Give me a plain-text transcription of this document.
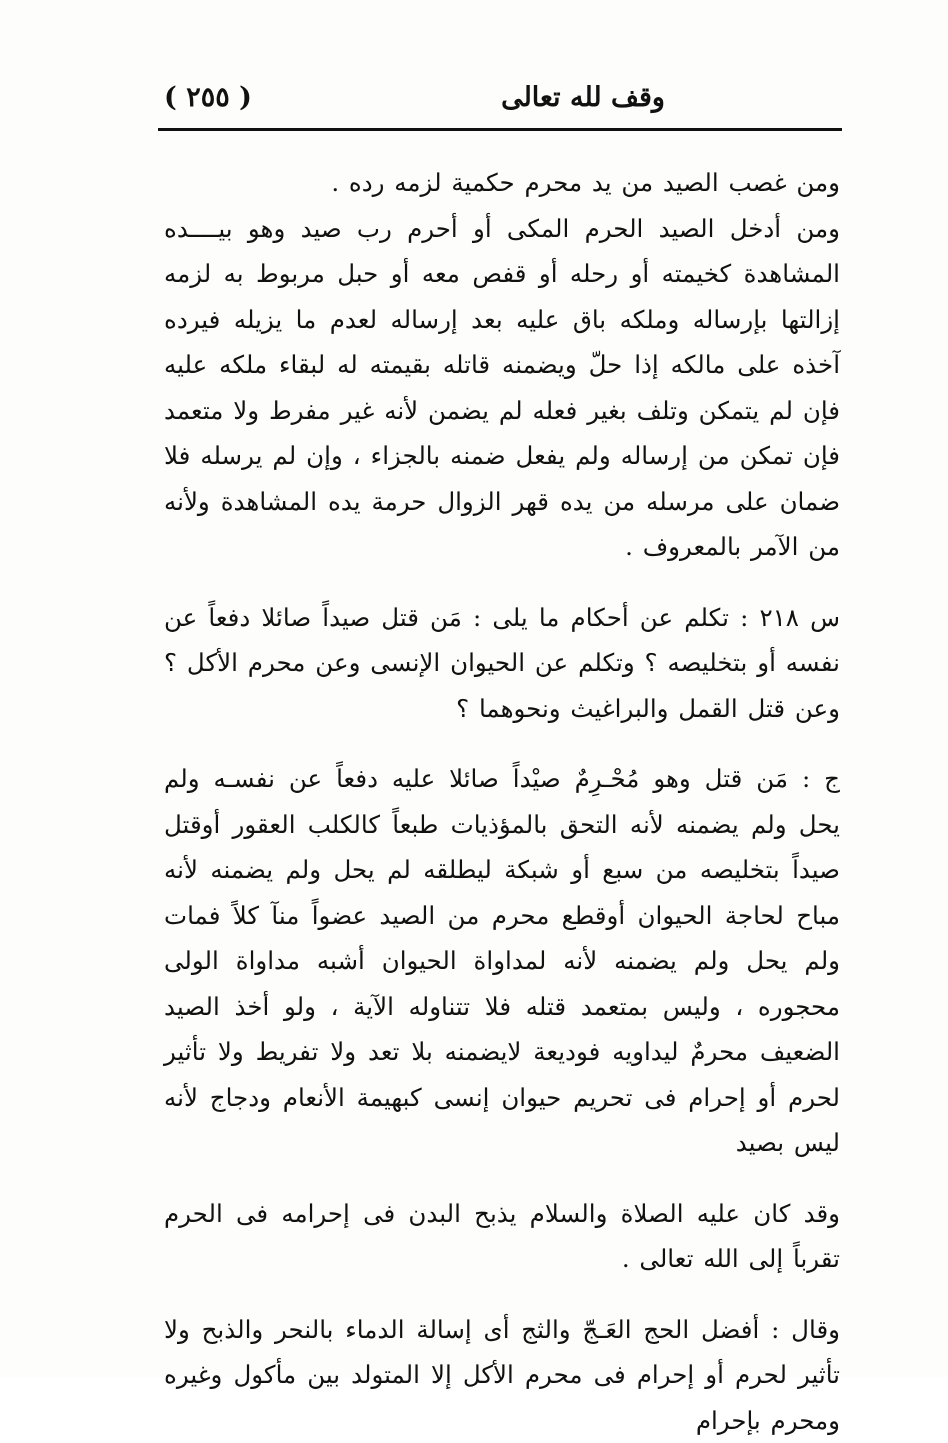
( ٢٥٥ )	وقف لله تعالى

ومن غصب الصيد من يد محرم حكمية لزمه رده .

ومن أدخل الصيد الحرم المكى أو أحرم رب صيد وهو بيــــده المشاهدة كخيمته أو رحله أو قفص معه أو حبل مربوط به لزمه إزالتها بإرساله وملكه باق عليه بعد إرساله لعدم ما يزيله فيرده آخذه على مالكه إذا حلّ ويضمنه قاتله بقيمته له لبقاء ملكه عليه فإن لم يتمكن وتلف بغير فعله لم يضمن لأنه غير مفرط ولا متعمد فإن تمكن من إرساله ولم يفعل ضمنه بالجزاء ، وإن لم يرسله فلا ضمان على مرسله من يده قهر الزوال حرمة يده المشاهدة ولأنه من الآمر بالمعروف .

س ٢١٨ : تكلم عن أحكام ما يلى : مَن قتل صيداً صائلا دفعاً عن نفسه أو بتخليصه ؟ وتكلم عن الحيوان الإنسى وعن محرم الأكل ؟ وعن قتل القمل والبراغيث ونحوهما ؟

ج : مَن قتل وهو مُحْـرِمٌ صيْداً صائلا عليه دفعاً عن نفسـه ولم يحل ولم يضمنه لأنه التحق بالمؤذيات طبعاً كالكلب العقور أوقتل صيداً بتخليصه من سبع أو شبكة ليطلقه لم يحل ولم يضمنه لأنه مباح لحاجة الحيوان أوقطع محرم من الصيد عضواً منآ كلاً فمات ولم يحل ولم يضمنه لأنه لمداواة الحيوان أشبه مداواة الولى محجوره ، وليس بمتعمد قتله فلا تتناوله الآية ، ولو أخذ الصيد الضعيف محرمٌ ليداويه فوديعة لايضمنه بلا تعد ولا تفريط ولا تأثير لحرم أو إحرام فى تحريم حيوان إنسى كبهيمة الأنعام ودجاج لأنه ليس بصيد

وقد كان عليه الصلاة والسلام يذبح البدن فى إحرامه فى الحرم تقرباً إلى الله تعالى .

وقال : أفضل الحج العَـجّ والثج أى إسالة الدماء بالنحر والذبح ولا تأثير لحرم أو إحرام فى محرم الأكل إلا المتولد بين مأكول وغيره ومحرم بإحرام
